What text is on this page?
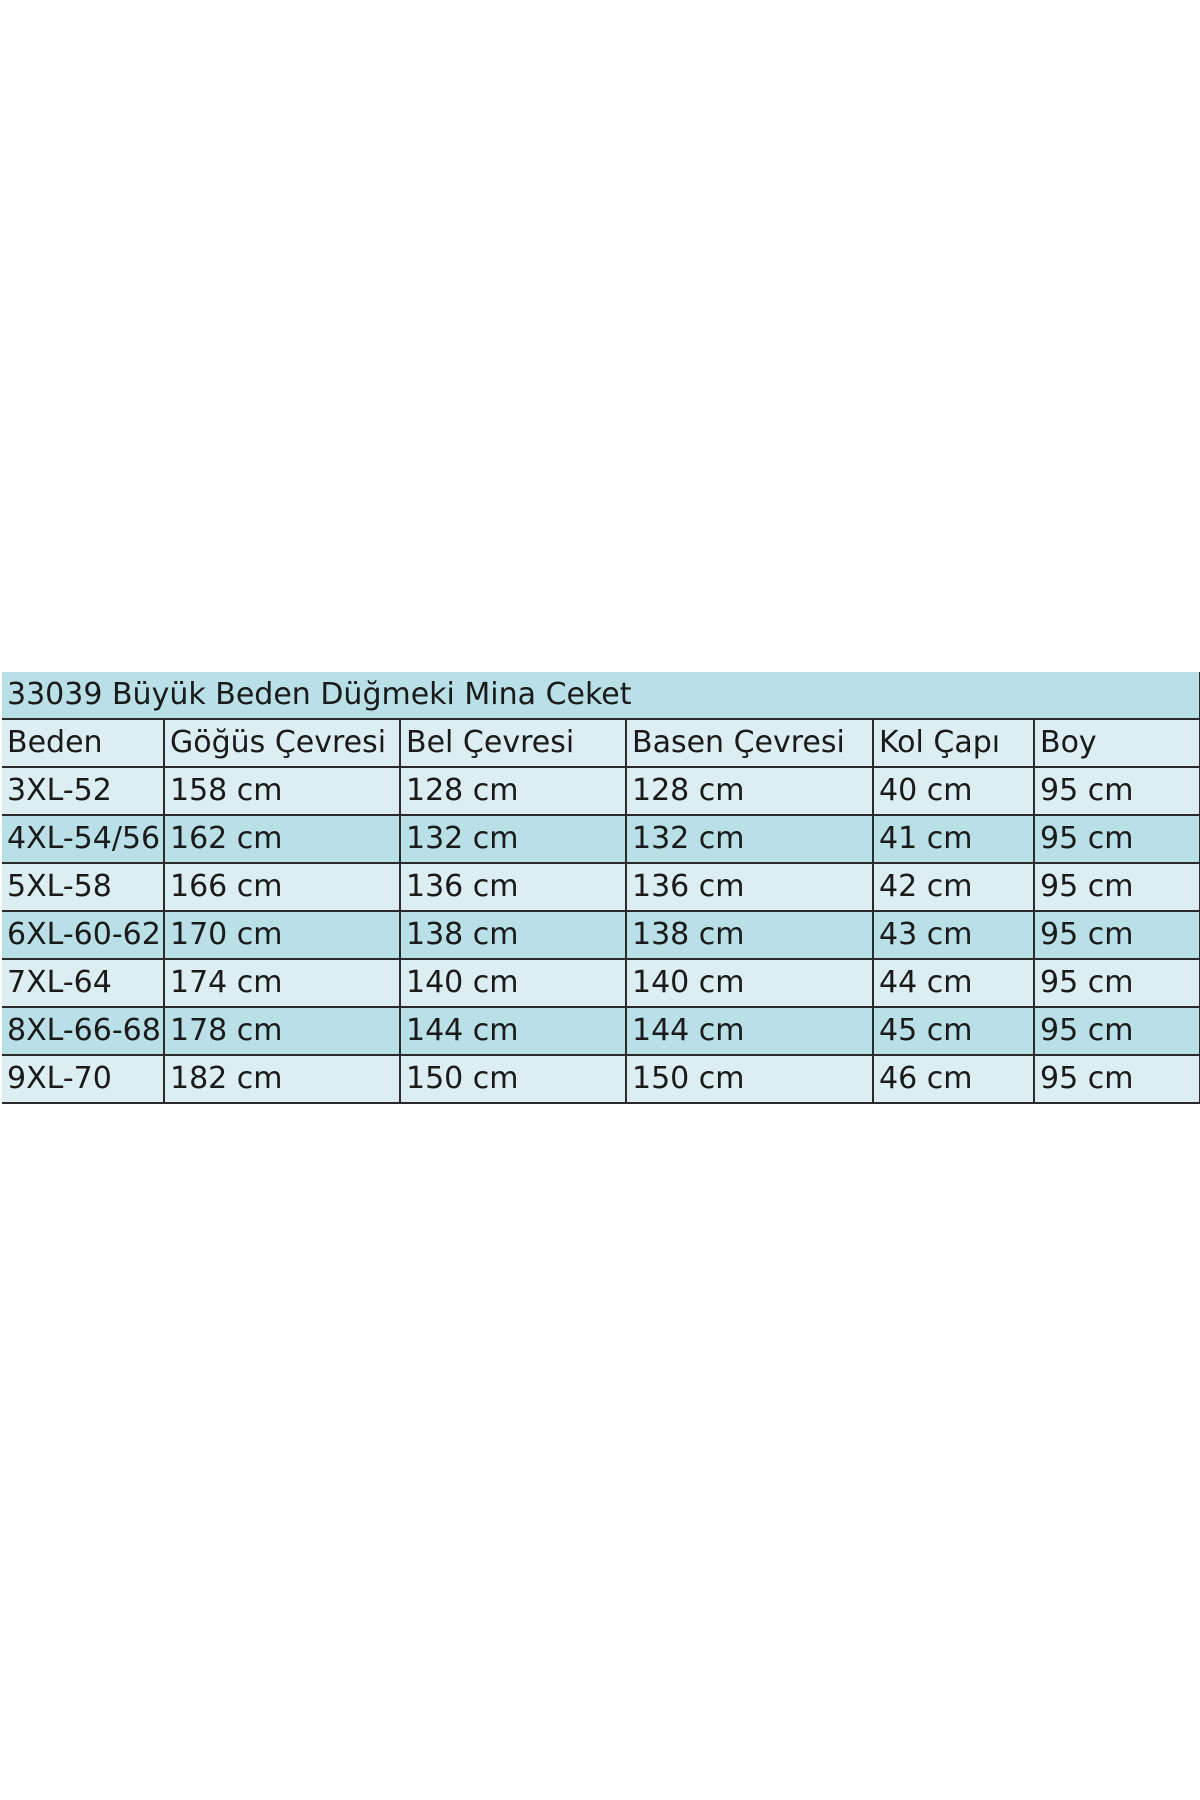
33039 Büyük Beden Düğmeki Mina Ceket					
Beden	Göğüs Çevresi	Bel Çevresi	Basen Çevresi	Kol Çapı	Boy
3XL-52	158 cm	128 cm	128 cm	40 cm	95 cm
4XL-54/56	162 cm	132 cm	132 cm	41 cm	95 cm
5XL-58	166 cm	136 cm	136 cm	42 cm	95 cm
6XL-60-62	170 cm	138 cm	138 cm	43 cm	95 cm
7XL-64	174 cm	140 cm	140 cm	44 cm	95 cm
8XL-66-68	178 cm	144 cm	144 cm	45 cm	95 cm
9XL-70	182 cm	150 cm	150 cm	46 cm	95 cm
